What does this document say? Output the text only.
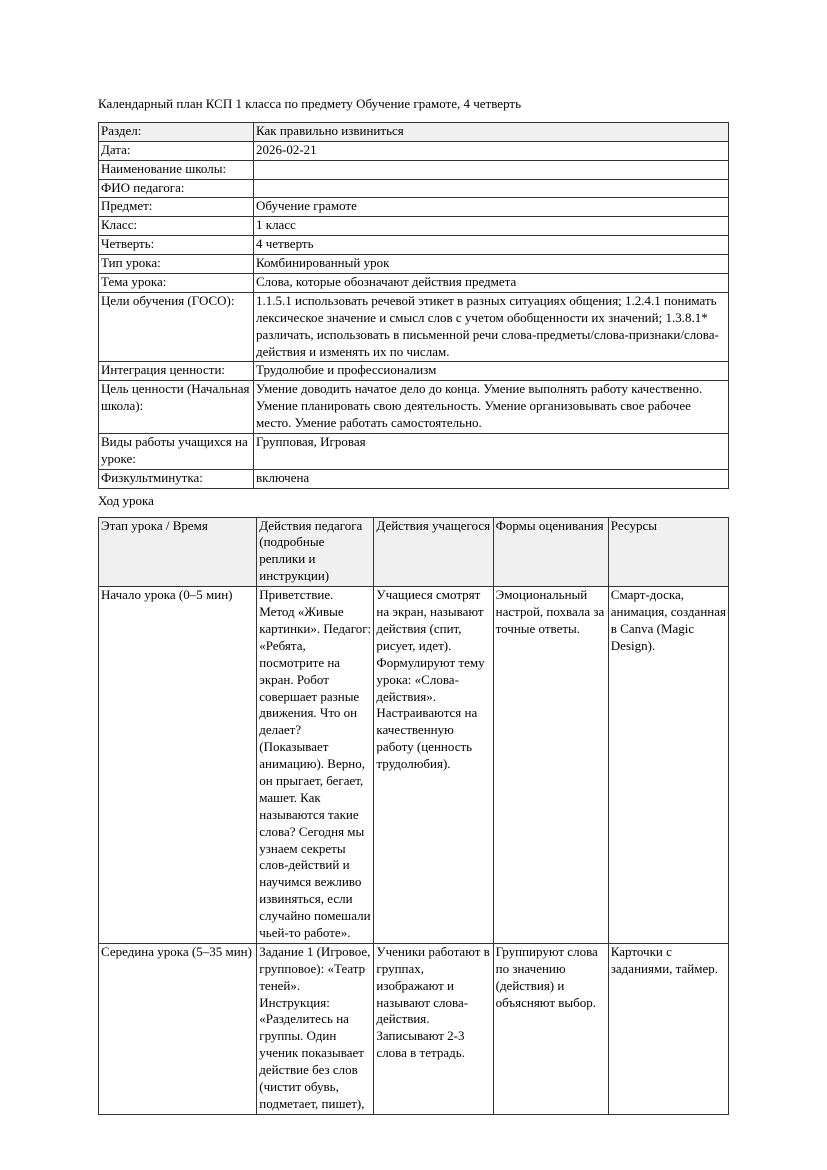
Календарный план КСП 1 класса по предмету Обучение грамоте, 4 четверть

Раздел:	Как правильно извиниться
Дата:	2026-02-21
Наименование школы:	
ФИО педагога:	
Предмет:	Обучение грамоте
Класс:	1 класс
Четверть:	4 четверть
Тип урока:	Комбинированный урок
Тема урока:	Слова, которые обозначают действия предмета
Цели обучения (ГОСО):	1.1.5.1 использовать речевой этикет в разных ситуациях общения; 1.2.4.1 понимать лексическое значение и смысл слов с учетом обобщенности их значений; 1.3.8.1* различать, использовать в письменной речи слова-предметы/слова-признаки/слова-действия и изменять их по числам.
Интеграция ценности:	Трудолюбие и профессионализм
Цель ценности (Начальная школа):	Умение доводить начатое дело до конца. Умение выполнять работу качественно. Умение планировать свою деятельность. Умение организовывать свое рабочее место. Умение работать самостоятельно.
Виды работы учащихся на уроке:	Групповая, Игровая
Физкультминутка:	включена

Ход урока

Этап урока / Время	Действия педагога (подробные реплики и инструкции)	Действия учащегося	Формы оценивания	Ресурсы
Начало урока (0–5 мин)	Приветствие. Метод «Живые картинки». Педагог: «Ребята, посмотрите на экран. Робот совершает разные движения. Что он делает? (Показывает анимацию). Верно, он прыгает, бегает, машет. Как называются такие слова? Сегодня мы узнаем секреты слов-действий и научимся вежливо извиняться, если случайно помешали чьей-то работе».	Учащиеся смотрят на экран, называют действия (спит, рисует, идет). Формулируют тему урока: «Слова-действия». Настраиваются на качественную работу (ценность трудолюбия).	Эмоциональный настрой, похвала за точные ответы.	Смарт-доска, анимация, созданная в Canva (Magic Design).

Середина урока (5–35 мин)	Задание 1 (Игровое, групповое): «Театр теней». Инструкция: «Разделитесь на группы. Один ученик показывает действие без слов (чистит обувь, подметает, пишет),	Ученики работают в группах, изображают и называют слова-действия. Записывают 2-3 слова в тетрадь.	Группируют слова по значению (действия) и объясняют выбор.	Карточки с заданиями, таймер.
